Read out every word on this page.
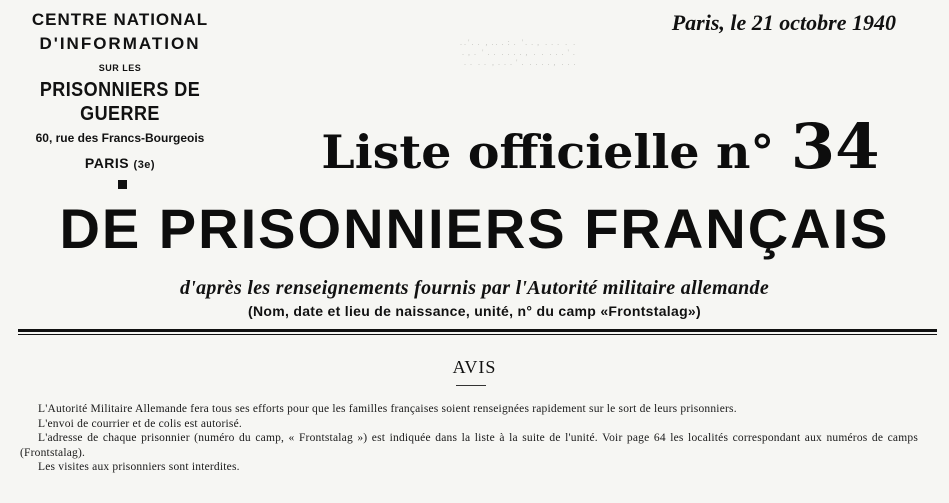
. . ' .  .   ,  . .  .  :  .   ' .  .  ,   .  .  .   .   .
.  ,  .   '  .  .   .  .  .  .  ,   .   .   .  .  .  '  .
.  .   .  .   ,  .  .  .  '  .   .  .  .  .  ,   .  .  .
CENTRE NATIONAL
D'INFORMATION
SUR LES
PRISONNIERS DE GUERRE
60, rue des Francs-Bourgeois
PARIS (3e)
Paris, le 21 octobre 1940
Liste officielle n° 34
DE PRISONNIERS FRANÇAIS
d'après les renseignements fournis par l'Autorité militaire allemande
(Nom, date et lieu de naissance, unité, n° du camp «Frontstalag»)
AVIS

L'Autorité Militaire Allemande fera tous ses efforts pour que les familles françaises soient renseignées rapidement sur le sort de leurs prisonniers.

L'envoi de courrier et de colis est autorisé.

L'adresse de chaque prisonnier (numéro du camp, « Frontstalag ») est indiquée dans la liste à la suite de l'unité. Voir page 64 les localités correspondant aux numéros de camps (Frontstalag).

Les visites aux prisonniers sont interdites.
